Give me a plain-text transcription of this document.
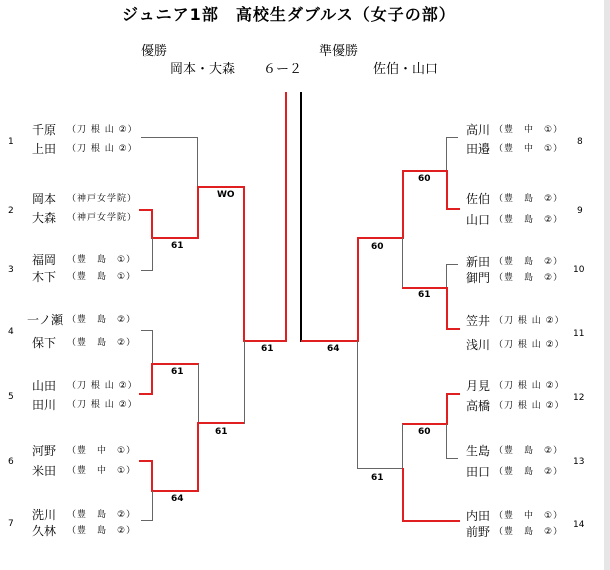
ジュニア1部　高校生ダブルス（女子の部）
優勝
岡本・大森 ６ー２
準優勝
佐伯・山口
1
千原 （刀 根 山 ②）
上田 （刀 根 山 ②）
2
岡本 （神戸女学院）
大森 （神戸女学院）
3
福岡 （豊　島　①）
木下 （豊　島　①）
4
一ノ瀬 （豊　島　②）
保下 （豊　島　②）
5
山田 （刀 根 山 ②）
田川 （刀 根 山 ②）
6
河野 （豊　中　①）
米田 （豊　中　①）
7
洗川 （豊　島　②）
久林 （豊　島　②）
高川 （豊　中　①）
田邉 （豊　中　①）
8
佐伯 （豊　島　②）
山口 （豊　島　②）
9
新田 （豊　島　②）
御門 （豊　島　②）
10
笠井 （刀 根 山 ②）
浅川 （刀 根 山 ②）
11
月見 （刀 根 山 ②）
高橋 （刀 根 山 ②）
12
生島 （豊　島　②）
田口 （豊　島　②）
13
内田 （豊　中　①）
前野 （豊　島　②）
14
61
61
64
WO
61
61	64
60
61
60
60
61
